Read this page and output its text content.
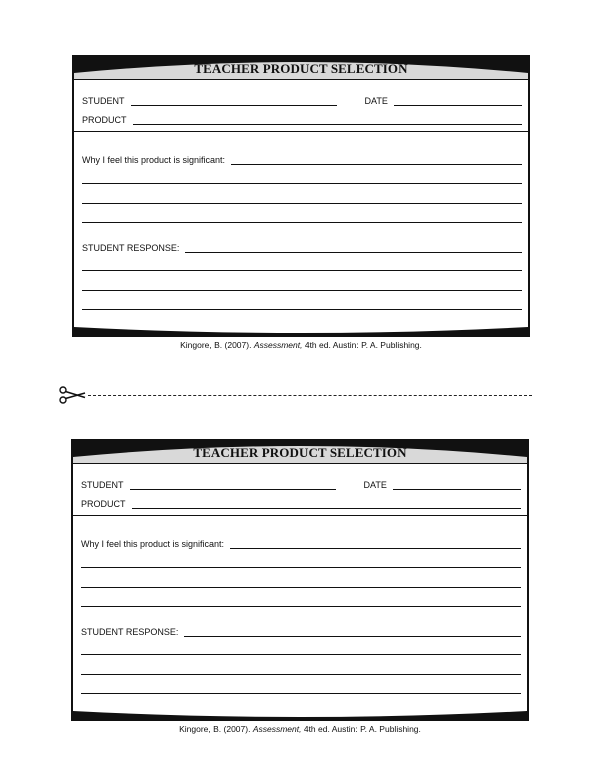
TEACHER PRODUCT SELECTION
STUDENT	DATE
PRODUCT
Why I feel this product is significant:
STUDENT RESPONSE:
Kingore, B. (2007). Assessment, 4th ed. Austin: P. A. Publishing.
TEACHER PRODUCT SELECTION
STUDENT	DATE
PRODUCT
Why I feel this product is significant:
STUDENT RESPONSE:
Kingore, B. (2007). Assessment, 4th ed. Austin: P. A. Publishing.
